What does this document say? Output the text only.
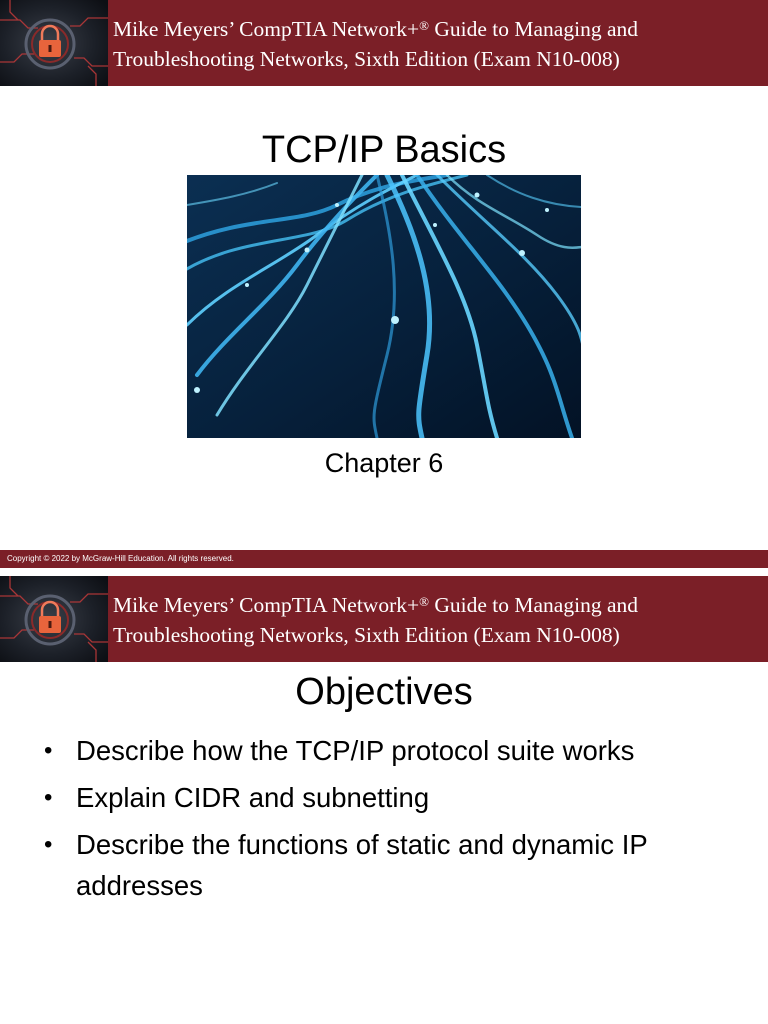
Mike Meyers’ CompTIA Network+® Guide to Managing and
Troubleshooting Networks, Sixth Edition (Exam N10-008)
TCP/IP Basics
Chapter 6
Copyright © 2022 by McGraw-Hill Education. All rights reserved.
Mike Meyers’ CompTIA Network+® Guide to Managing and
Troubleshooting Networks, Sixth Edition (Exam N10-008)
Objectives
• Describe how the TCP/IP protocol suite works
• Explain CIDR and subnetting
• Describe the functions of static and dynamic IP addresses
